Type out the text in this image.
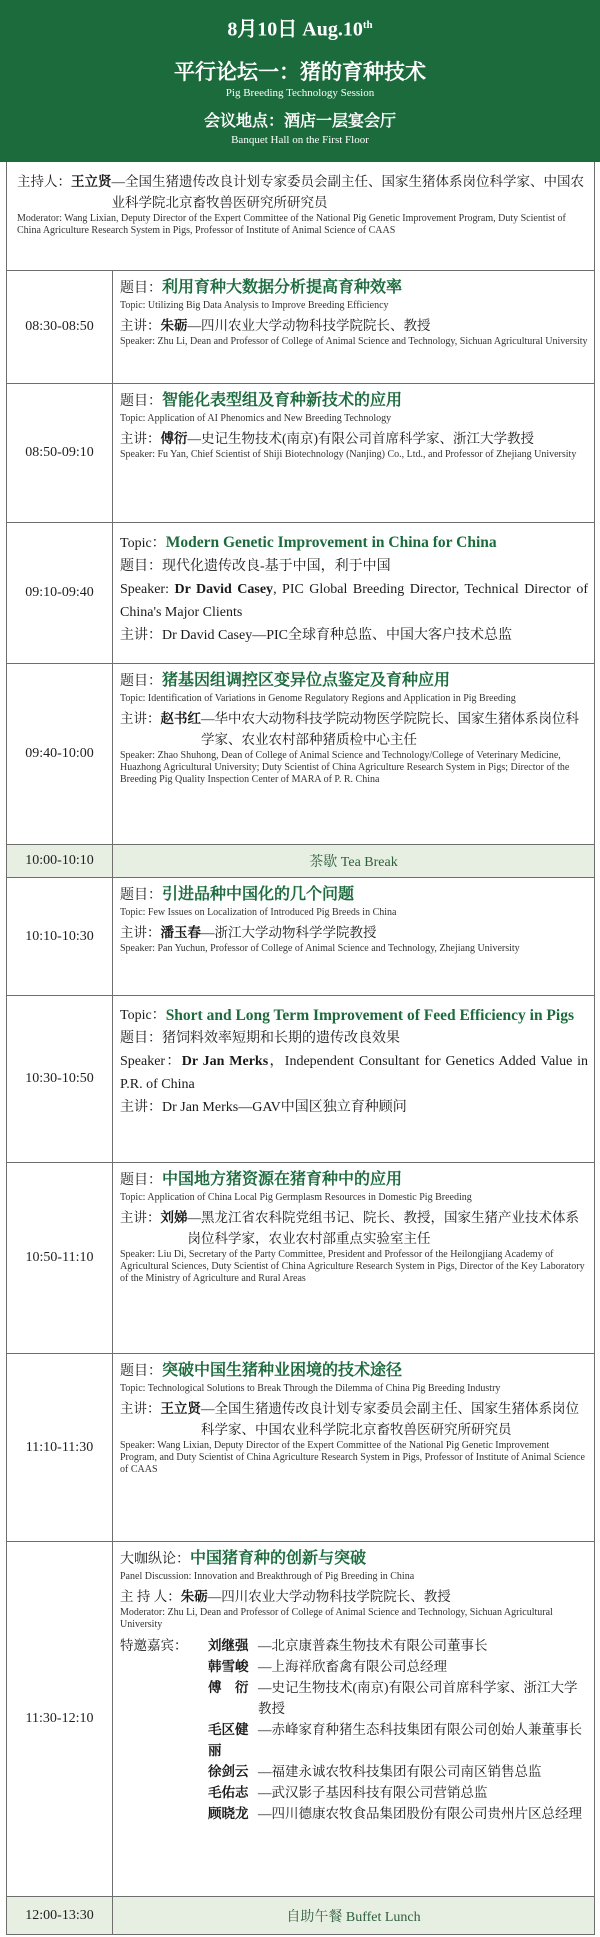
8月10日 Aug.10th
平行论坛一：猪的育种技术
Pig Breeding Technology Session
会议地点：酒店一层宴会厅
Banquet Hall on the First Floor
主持人：王立贤 —全国生猪遗传改良计划专家委员会副主任、国家生猪体系岗位科学家、中国农业科学院北京畜牧兽医研究所研究员
Moderator: Wang Lixian, Deputy Director of the Expert Committee of the National Pig Genetic Improvement Program, Duty Scientist of China Agriculture Research System in Pigs, Professor of Institute of Animal Science of CAAS
08:30-08:50
题目：利用育种大数据分析提高育种效率
Topic: Utilizing Big Data Analysis to Improve Breeding Efficiency
主讲：朱砺 —四川农业大学动物科技学院院长、教授
Speaker: Zhu Li, Dean and Professor of College of Animal Science and Technology, Sichuan Agricultural University
08:50-09:10
题目：智能化表型组及育种新技术的应用
Topic: Application of AI Phenomics and New Breeding Technology
主讲：傅衍 —史记生物技术(南京)有限公司首席科学家、浙江大学教授
Speaker: Fu Yan, Chief Scientist of Shiji Biotechnology (Nanjing) Co., Ltd., and Professor of Zhejiang University
09:10-09:40
Topic：Modern Genetic Improvement in China for China
题目：现代化遗传改良-基于中国，利于中国
Speaker: Dr David Casey, PIC Global Breeding Director, Technical Director of China's Major Clients
主讲：Dr David Casey—PIC全球育种总监、中国大客户技术总监
09:40-10:00
题目：猪基因组调控区变异位点鉴定及育种应用
Topic: Identification of Variations in Genome Regulatory Regions and Application in Pig Breeding
主讲：赵书红 —华中农大动物科技学院动物医学院院长、国家生猪体系岗位科学家、农业农村部种猪质检中心主任
Speaker: Zhao Shuhong, Dean of College of Animal Science and Technology/College of Veterinary Medicine, Huazhong Agricultural University; Duty Scientist of China Agriculture Research System in Pigs; Director of the Breeding Pig Quality Inspection Center of MARA of P. R. China
10:00-10:10	茶歇 Tea Break
10:10-10:30
题目：引进品种中国化的几个问题
Topic: Few Issues on Localization of Introduced Pig Breeds in China
主讲：潘玉春 —浙江大学动物科学学院教授
Speaker: Pan Yuchun, Professor of College of Animal Science and Technology, Zhejiang University
10:30-10:50
Topic： Short and Long Term Improvement of Feed Efficiency in Pigs
题目：猪饲料效率短期和长期的遗传改良效果
Speaker：Dr Jan Merks，Independent Consultant for Genetics Added Value in P.R. of China
主讲：Dr Jan Merks—GAV中国区独立育种顾问
10:50-11:10
题目：中国地方猪资源在猪育种中的应用
Topic: Application of China Local Pig Germplasm Resources in Domestic Pig Breeding
主讲：刘娣 —黑龙江省农科院党组书记、院长、教授，国家生猪产业技术体系岗位科学家，农业农村部重点实验室主任
Speaker: Liu Di, Secretary of the Party Committee, President and Professor of the Heilongjiang Academy of Agricultural Sciences, Duty Scientist of China Agriculture Research System in Pigs, Director of the Key Laboratory of the Ministry of Agriculture and Rural Areas
11:10-11:30
题目：突破中国生猪种业困境的技术途径
Topic: Technological Solutions to Break Through the Dilemma of China Pig Breeding Industry
主讲：王立贤 —全国生猪遗传改良计划专家委员会副主任、国家生猪体系岗位科学家、中国农业科学院北京畜牧兽医研究所研究员
Speaker: Wang Lixian, Deputy Director of the Expert Committee of the National Pig Genetic Improvement Program, and Duty Scientist of China Agriculture Research System in Pigs, Professor of Institute of Animal Science of CAAS
11:30-12:10
大咖纵论：中国猪育种的创新与突破
Panel Discussion: Innovation and Breakthrough of Pig Breeding in China
主 持 人：朱砺—四川农业大学动物科技学院院长、教授
Moderator: Zhu Li, Dean and Professor of College of Animal Science and Technology, Sichuan Agricultural University
特邀嘉宾：	刘继强 —北京康普森生物技术有限公司董事长
韩雪峻 —上海祥欣畜禽有限公司总经理
傅　衍 —史记生物技术(南京)有限公司首席科学家、浙江大学教授
毛区健丽
—赤峰家育种猪生态科技集团有限公司创始人兼董事长
徐剑云 —福建永诚农牧科技集团有限公司南区销售总监
毛佑志 —武汉影子基因科技有限公司营销总监
顾晓龙 —四川德康农牧食品集团股份有限公司贵州片区总经理
12:00-13:30	自助午餐 Buffet Lunch
